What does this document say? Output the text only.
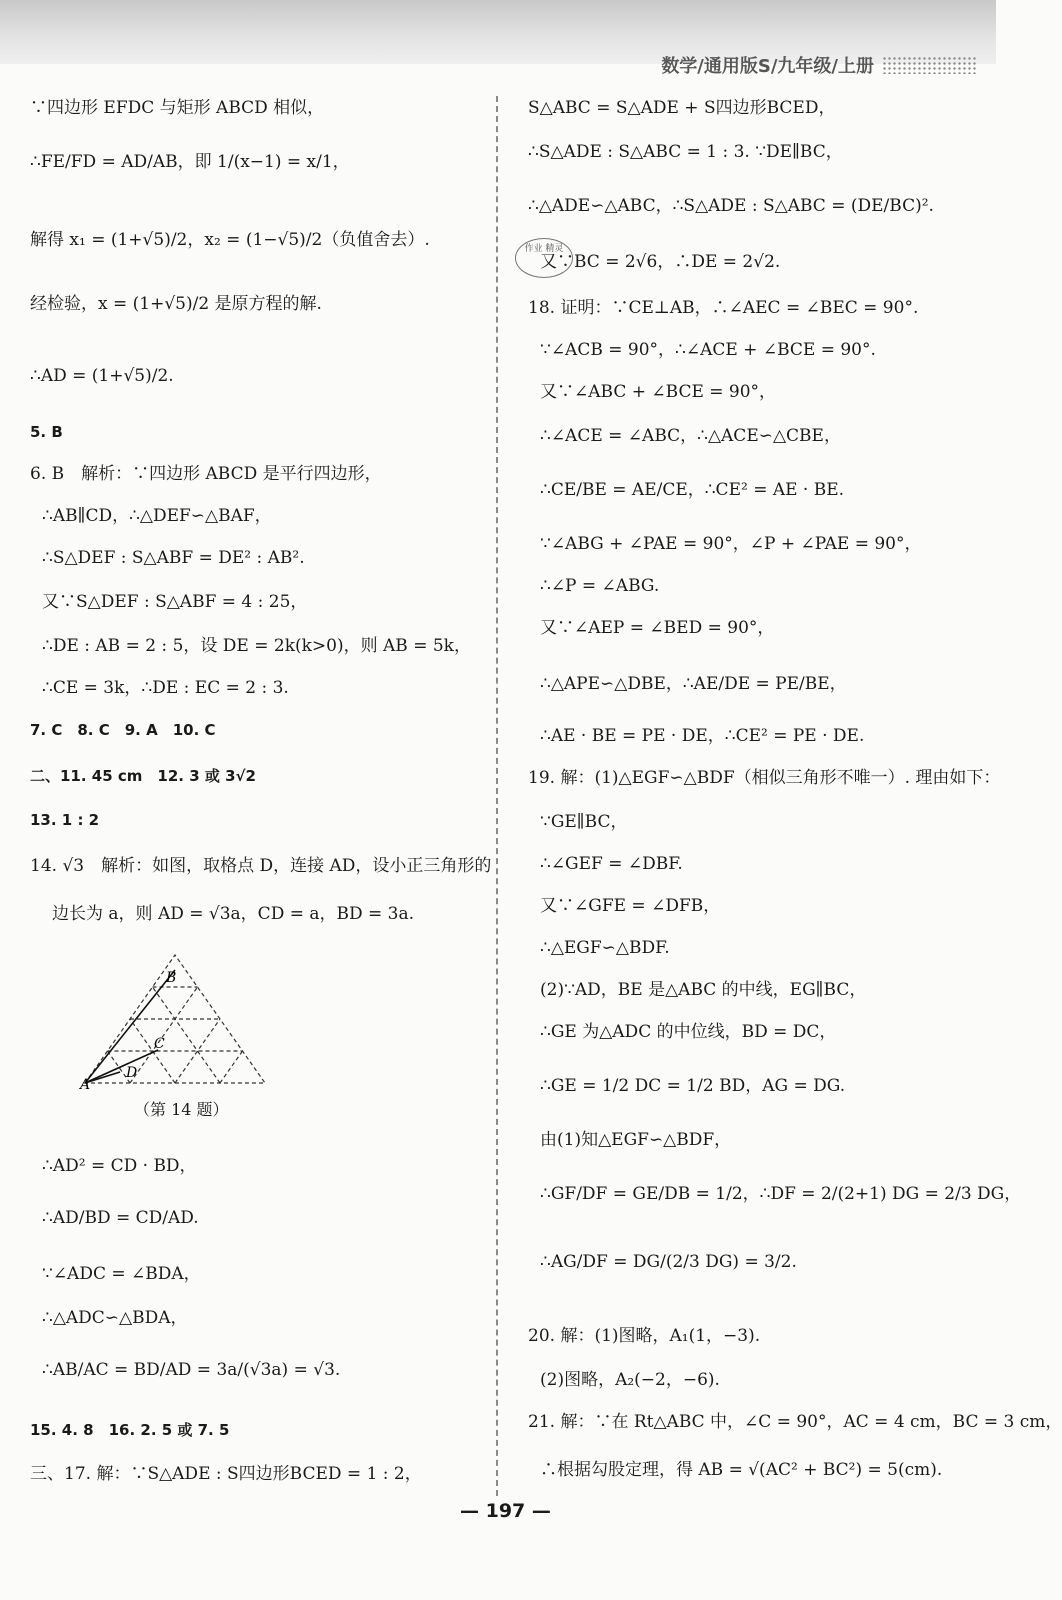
数学/通用版S/九年级/上册
∵四边形 EFDC 与矩形 ABCD 相似，
∴FE/FD = AD/AB，即 1/(x−1) = x/1，
解得 x₁ = (1+√5)/2，x₂ = (1−√5)/2（负值舍去）.
经检验，x = (1+√5)/2 是原方程的解.
∴AD = (1+√5)/2.
5. B
6. B　解析：∵四边形 ABCD 是平行四边形，
∴AB∥CD，∴△DEF∽△BAF，
∴S△DEF : S△ABF = DE² : AB².
又∵S△DEF : S△ABF = 4 : 25，
∴DE : AB = 2 : 5，设 DE = 2k(k>0)，则 AB = 5k，
∴CE = 3k，∴DE : EC = 2 : 3.
7. C　8. C　9. A　10. C
二、11. 45 cm　12. 3 或 3√2
13. 1 : 2
14. √3　解析：如图，取格点 D，连接 AD，设小正三角形的
边长为 a，则 AD = √3a，CD = a，BD = 3a.
B
C
D
A
（第 14 题）
∴AD² = CD · BD，
∴AD/BD = CD/AD.
∵∠ADC = ∠BDA，
∴△ADC∽△BDA，
∴AB/AC = BD/AD = 3a/(√3a) = √3.
15. 4. 8　16. 2. 5 或 7. 5
三、17. 解：∵S△ADE : S四边形BCED = 1 : 2，
S△ABC = S△ADE + S四边形BCED，
∴S△ADE : S△ABC = 1 : 3. ∵DE∥BC，
∴△ADE∽△ABC，∴S△ADE : S△ABC = (DE/BC)².
又∵BC = 2√6，∴DE = 2√2.
18. 证明：∵CE⊥AB，∴∠AEC = ∠BEC = 90°.
∵∠ACB = 90°，∴∠ACE + ∠BCE = 90°.
又∵∠ABC + ∠BCE = 90°，
∴∠ACE = ∠ABC，∴△ACE∽△CBE，
∴CE/BE = AE/CE，∴CE² = AE · BE.
∵∠ABG + ∠PAE = 90°，∠P + ∠PAE = 90°，
∴∠P = ∠ABG.
又∵∠AEP = ∠BED = 90°，
∴△APE∽△DBE，∴AE/DE = PE/BE，
∴AE · BE = PE · DE，∴CE² = PE · DE.
19. 解：(1)△EGF∽△BDF（相似三角形不唯一）. 理由如下：
∵GE∥BC，
∴∠GEF = ∠DBF.
又∵∠GFE = ∠DFB，
∴△EGF∽△BDF.
(2)∵AD，BE 是△ABC 的中线，EG∥BC，
∴GE 为△ADC 的中位线，BD = DC，
∴GE = 1/2 DC = 1/2 BD，AG = DG.
由(1)知△EGF∽△BDF，
∴GF/DF = GE/DB = 1/2，∴DF = 2/(2+1) DG = 2/3 DG，
∴AG/DF = DG/(2/3 DG) = 3/2.
20. 解：(1)图略，A₁(1，−3).
(2)图略，A₂(−2，−6).
21. 解：∵在 Rt△ABC 中，∠C = 90°，AC = 4 cm，BC = 3 cm，
∴根据勾股定理，得 AB = √(AC² + BC²) = 5(cm).
作业 精灵
— 197 —
